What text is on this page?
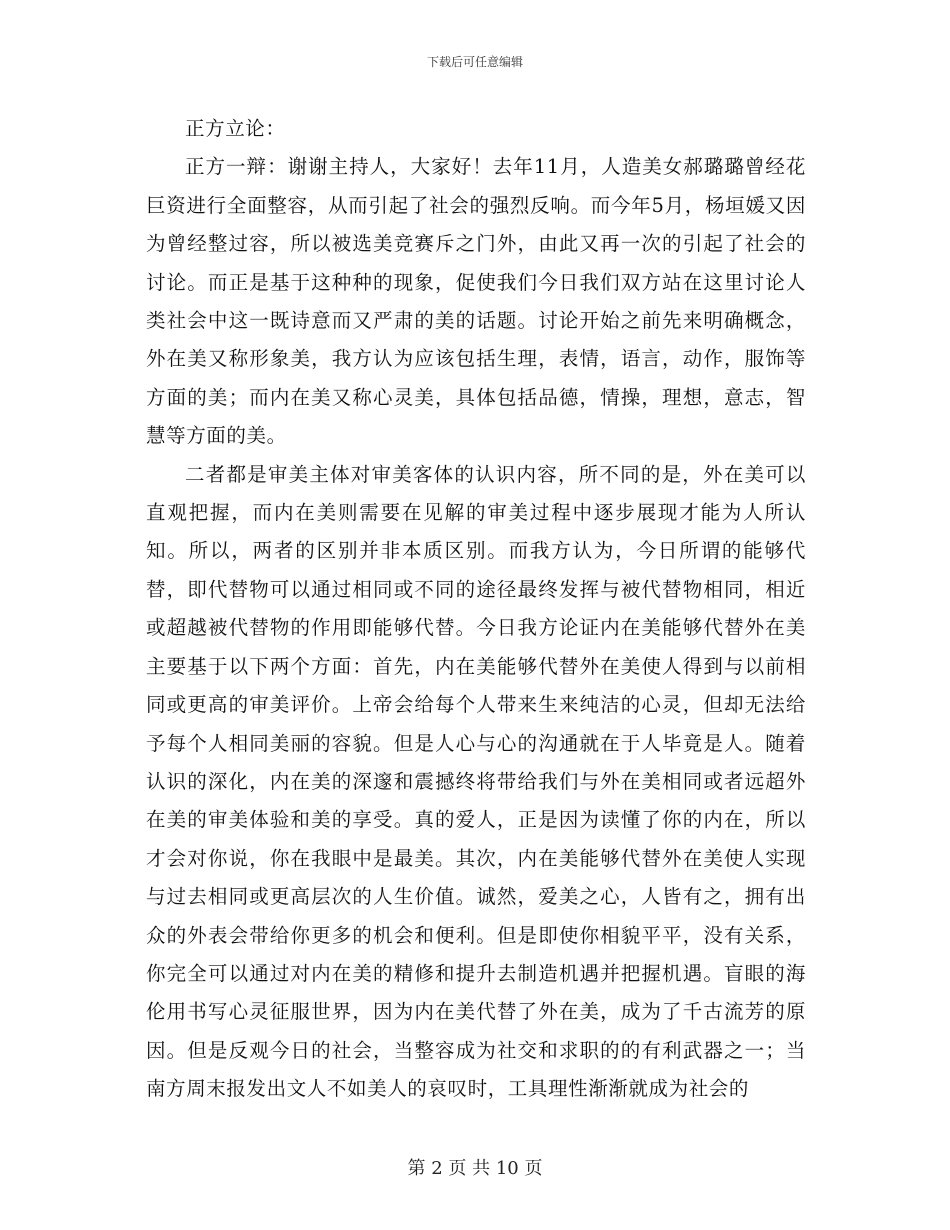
下载后可任意编辑

正方立论：

正方一辩：谢谢主持人，大家好！去年11月，人造美女郝璐璐曾经花巨资进行全面整容，从而引起了社会的强烈反响。而今年5月，杨垣媛又因为曾经整过容，所以被选美竞赛斥之门外，由此又再一次的引起了社会的讨论。而正是基于这种种的现象，促使我们今日我们双方站在这里讨论人类社会中这一既诗意而又严肃的美的话题。讨论开始之前先来明确概念，外在美又称形象美，我方认为应该包括生理，表情，语言，动作，服饰等方面的美；而内在美又称心灵美，具体包括品德，情操，理想，意志，智慧等方面的美。

二者都是审美主体对审美客体的认识内容，所不同的是，外在美可以直观把握，而内在美则需要在见解的审美过程中逐步展现才能为人所认知。所以，两者的区别并非本质区别。而我方认为，今日所谓的能够代替，即代替物可以通过相同或不同的途径最终发挥与被代替物相同，相近或超越被代替物的作用即能够代替。今日我方论证内在美能够代替外在美主要基于以下两个方面：首先，内在美能够代替外在美使人得到与以前相同或更高的审美评价。上帝会给每个人带来生来纯洁的心灵，但却无法给予每个人相同美丽的容貌。但是人心与心的沟通就在于人毕竟是人。随着认识的深化，内在美的深邃和震撼终将带给我们与外在美相同或者远超外在美的审美体验和美的享受。真的爱人，正是因为读懂了你的内在，所以才会对你说，你在我眼中是最美。其次，内在美能够代替外在美使人实现与过去相同或更高层次的人生价值。诚然，爱美之心，人皆有之，拥有出众的外表会带给你更多的机会和便利。但是即使你相貌平平，没有关系，你完全可以通过对内在美的精修和提升去制造机遇并把握机遇。盲眼的海伦用书写心灵征服世界，因为内在美代替了外在美，成为了千古流芳的原因。但是反观今日的社会，当整容成为社交和求职的的有利武器之一；当南方周末报发出文人不如美人的哀叹时，工具理性渐渐就成为社会的

第 2 页 共 10 页
